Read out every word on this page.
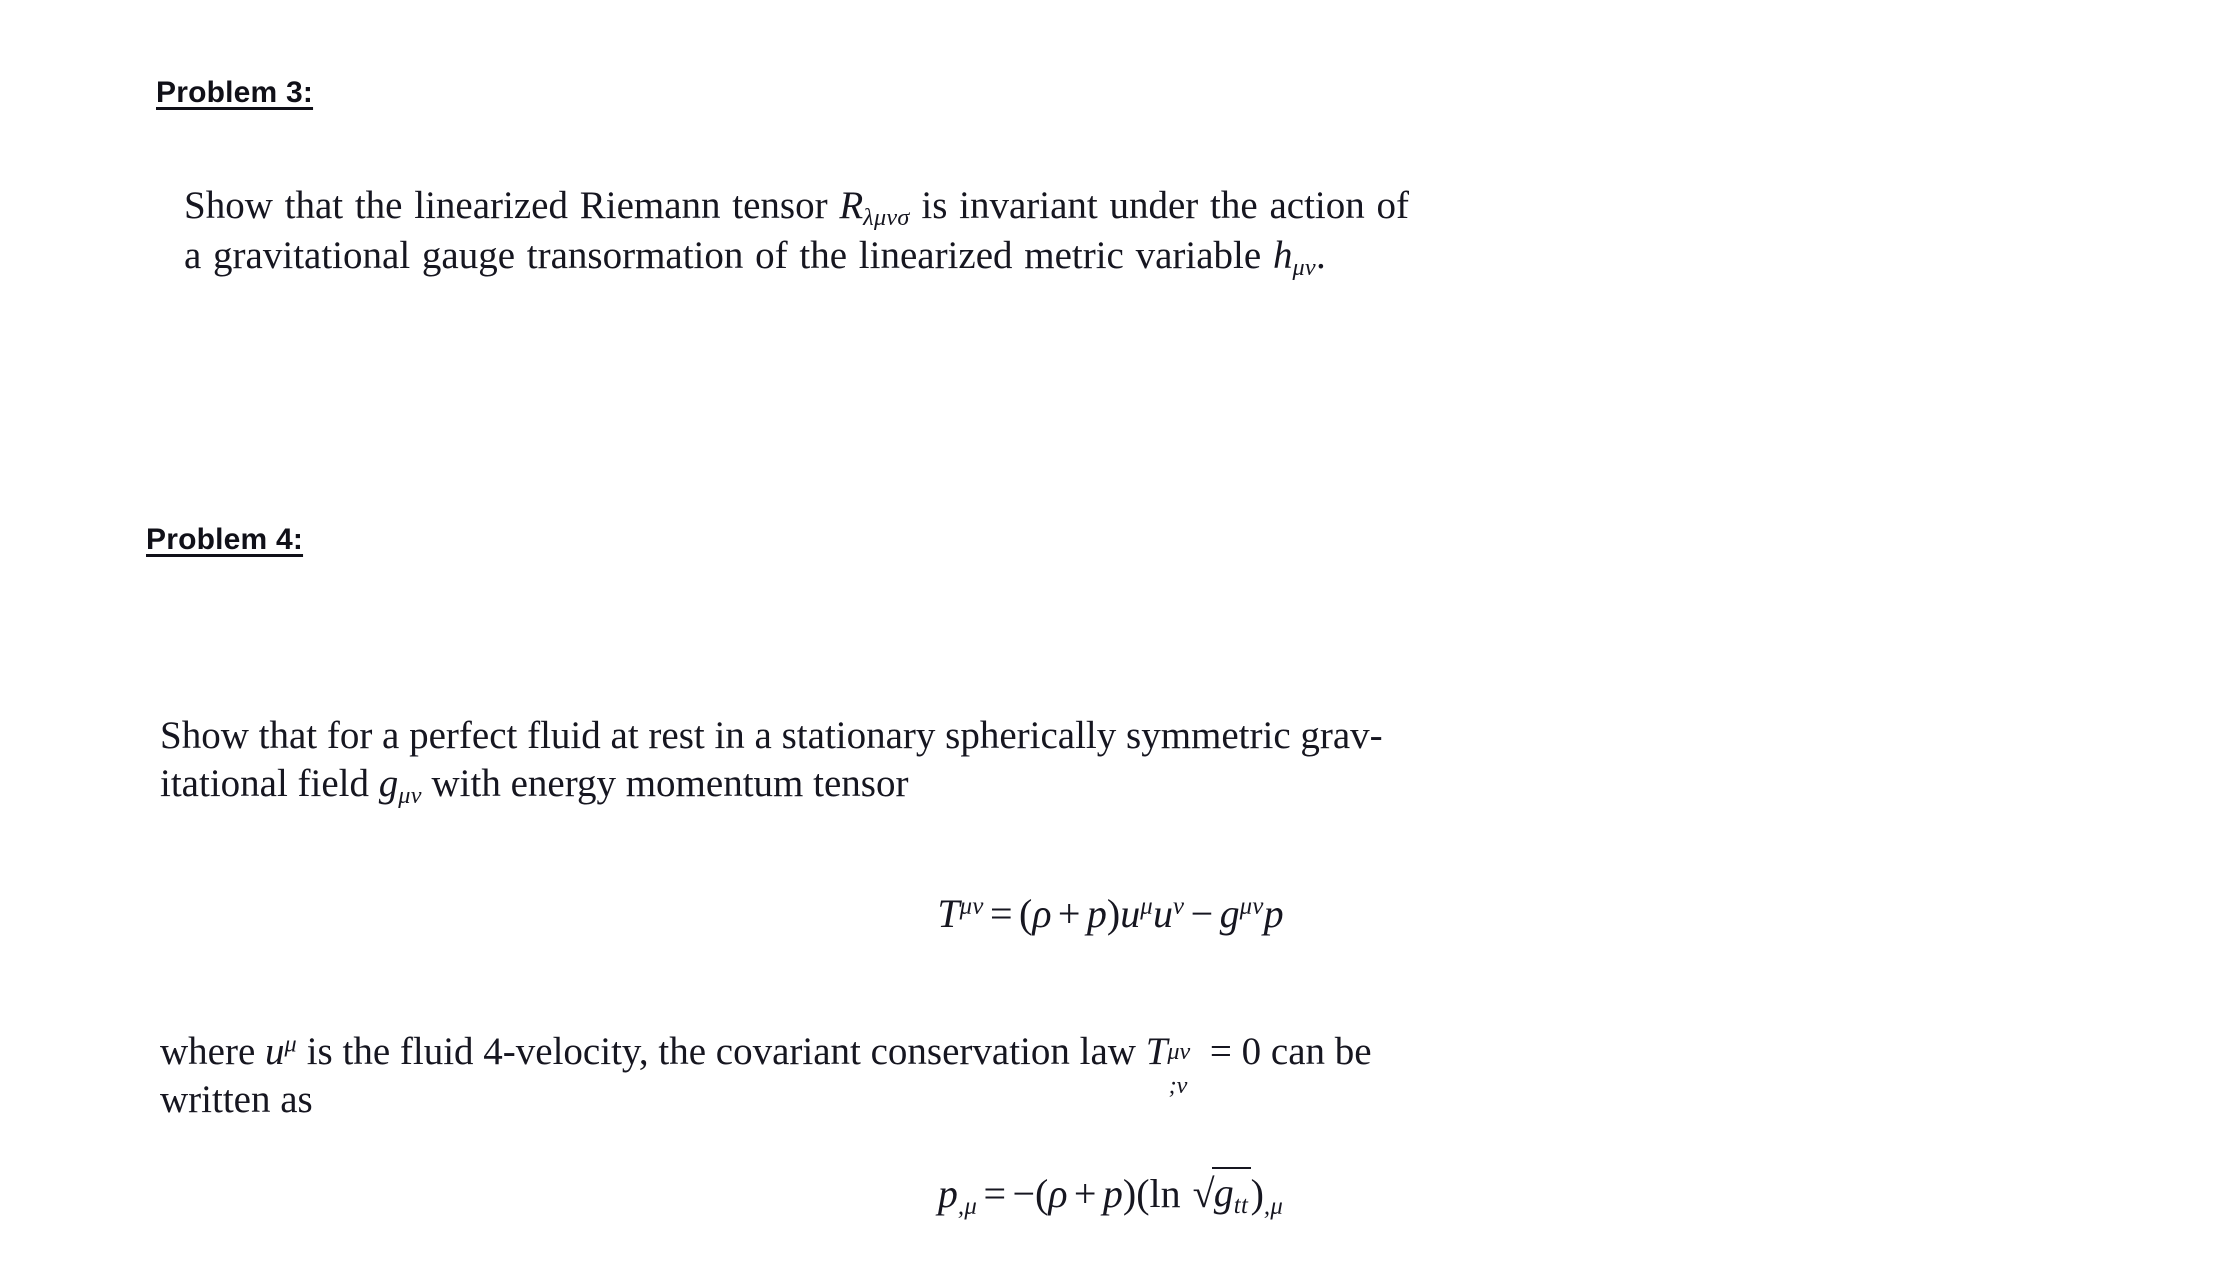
Problem 3:
Show that the linearized Riemann tensor $R_{\lambda\mu\nu\sigma}$ is invariant under the action of
a gravitational gauge transormation of the linearized metric variable $h_{\mu\nu}$.
Problem 4:
Show that for a perfect fluid at rest in a stationary spherically symmetric grav-
itational field $g_{\mu\nu}$ with energy momentum tensor
$T^{\mu\nu} = (\rho + p)u^\mu u^\nu - g^{\mu\nu}p$
where $u^\mu$ is the fluid 4-velocity, the covariant conservation law T μν
;ν
= 0 can be
written as
$p_{,\mu} = -(\rho + p)(\ln$ $√g_{tt})_{,\mu}$
